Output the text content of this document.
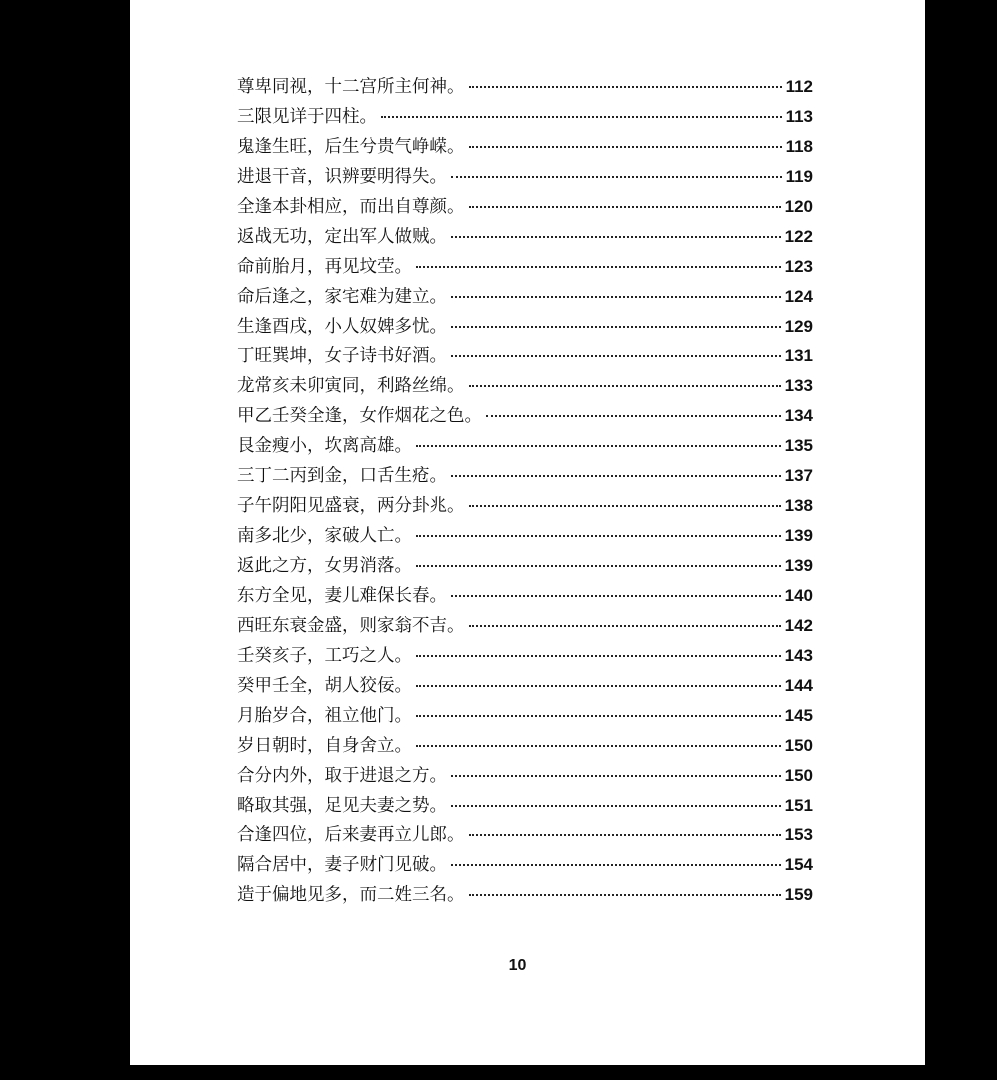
尊卑同视，十二宫所主何神。	112
三限见详于四柱。	113
鬼逢生旺，后生兮贵气峥嵘。	118
进退干音，识辨要明得失。	119
全逢本卦相应，而出自尊颜。	120
返战无功，定出军人做贼。	122
命前胎月，再见坟茔。	123
命后逢之，家宅难为建立。	124
生逢酉戌，小人奴婢多忧。	129
丁旺巽坤，女子诗书好酒。	131
龙常亥未卯寅同，利路丝绵。	133
甲乙壬癸全逢，女作烟花之色。	134
艮金瘦小，坎离高雄。	135
三丁二丙到金，口舌生疮。	137
子午阴阳见盛衰，两分卦兆。	138
南多北少，家破人亡。	139
返此之方，女男消落。	139
东方全见，妻儿难保长春。	140
西旺东衰金盛，则家翁不吉。	142
壬癸亥子，工巧之人。	143
癸甲壬全，胡人狡佞。	144
月胎岁合，祖立他门。	145
岁日朝时，自身舍立。	150
合分内外，取于进退之方。	150
略取其强，足见夫妻之势。	151
合逢四位，后来妻再立儿郎。	153
隔合居中，妻子财门见破。	154
造于偏地见多，而二姓三名。	159
10
